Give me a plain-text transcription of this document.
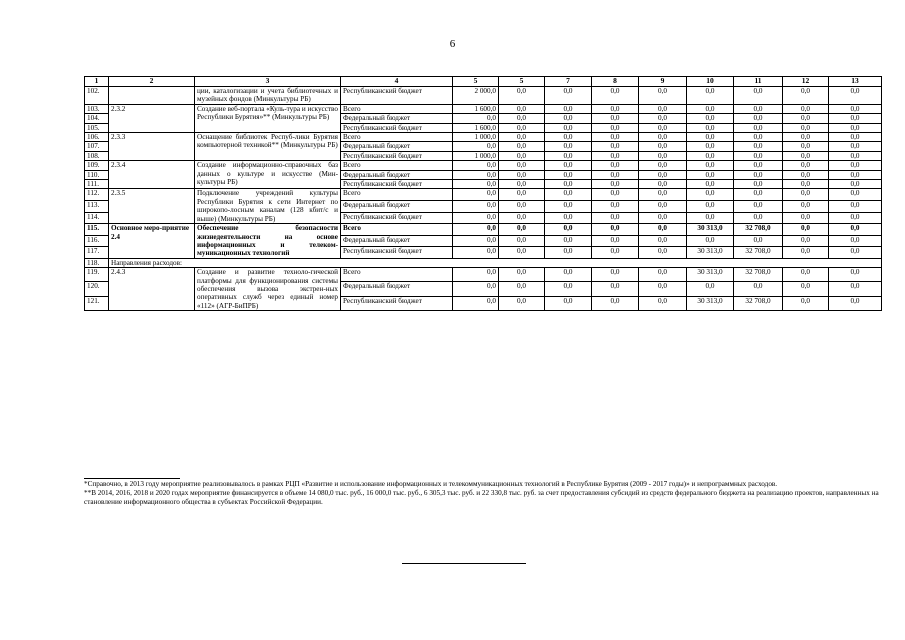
6
1	2	3	4	5	5	7	8	9	10	11	12	13
102.		ции, каталогизации и учета библиотечных и музейных фондов (Минкультуры РБ)	Республиканский бюджет	2 000,0	0,0	0,0	0,0	0,0	0,0	0,0	0,0	0,0
103.	2.3.2	Создание веб-портала «Куль-тура и искусство Республики Бурятия»** (Минкультуры РБ)	Всего	1 600,0	0,0	0,0	0,0	0,0	0,0	0,0	0,0	0,0
104.			Федеральный бюджет	0,0	0,0	0,0	0,0	0,0	0,0	0,0	0,0	0,0
105.			Республиканский бюджет	1 600,0	0,0	0,0	0,0	0,0	0,0	0,0	0,0	0,0
106.	2.3.3	Оснащение библиотек Респуб-лики Бурятия компьютерной техникой** (Минкультуры РБ)	Всего	1 000,0	0,0	0,0	0,0	0,0	0,0	0,0	0,0	0,0
107.			Федеральный бюджет	0,0	0,0	0,0	0,0	0,0	0,0	0,0	0,0	0,0
108.			Республиканский бюджет	1 000,0	0,0	0,0	0,0	0,0	0,0	0,0	0,0	0,0
109.	2.3.4	Создание информационно-справочных баз данных о культуре и искусстве (Мин-культуры РБ)	Всего	0,0	0,0	0,0	0,0	0,0	0,0	0,0	0,0	0,0
110.			Федеральный бюджет	0,0	0,0	0,0	0,0	0,0	0,0	0,0	0,0	0,0
111.			Республиканский бюджет	0,0	0,0	0,0	0,0	0,0	0,0	0,0	0,0	0,0
112.	2.3.5	Подключение учреждений культуры Республики Бурятия к сети Интернет по широкопо-лосным каналам (128 кбит/с и выше) (Минкультуры РБ)	Всего	0,0	0,0	0,0	0,0	0,0	0,0	0,0	0,0	0,0
113.			Федеральный бюджет	0,0	0,0	0,0	0,0	0,0	0,0	0,0	0,0	0,0
114.			Республиканский бюджет	0,0	0,0	0,0	0,0	0,0	0,0	0,0	0,0	0,0
115.	Основное меро-приятие 2.4	Обеспечение безопасности жизнедеятельности на основе информационных и телеком-муникационных технологий	Всего	0,0	0,0	0,0	0,0	0,0	30 313,0	32 708,0	0,0	0,0
116.			Федеральный бюджет	0,0	0,0	0,0	0,0	0,0	0,0	0,0	0,0	0,0
117.			Республиканский бюджет	0,0	0,0	0,0	0,0	0,0	30 313,0	32 708,0	0,0	0,0
118.	Направления расходов:											
119.	2.4.3	Создание и развитие техноло-гической платформы для функционирования системы обеспечения вызова экстрен-ных оперативных служб через единый номер «112» (АГР-БиПРБ)	Всего	0,0	0,0	0,0	0,0	0,0	30 313,0	32 708,0	0,0	0,0
120.			Федеральный бюджет	0,0	0,0	0,0	0,0	0,0	0,0	0,0	0,0	0,0
121.			Республиканский бюджет	0,0	0,0	0,0	0,0	0,0	30 313,0	32 708,0	0,0	0,0
*Справочно, в 2013 году мероприятие реализовывалось в рамках РЦП «Развитие и использование информационных и телекоммуникационных технологий в Республике Бурятия (2009 - 2017 годы)» и непрограммных расходов.
**В 2014, 2016, 2018 и 2020 годах мероприятие финансируется в объеме 14 080,0 тыс. руб., 16 000,0 тыс. руб., 6 305,3 тыс. руб. и 22 330,8 тыс. руб. за счет предоставления субсидий из средств федерального бюджета на реализацию проектов, направленных на становление информационного общества в субъектах Российской Федерации.
